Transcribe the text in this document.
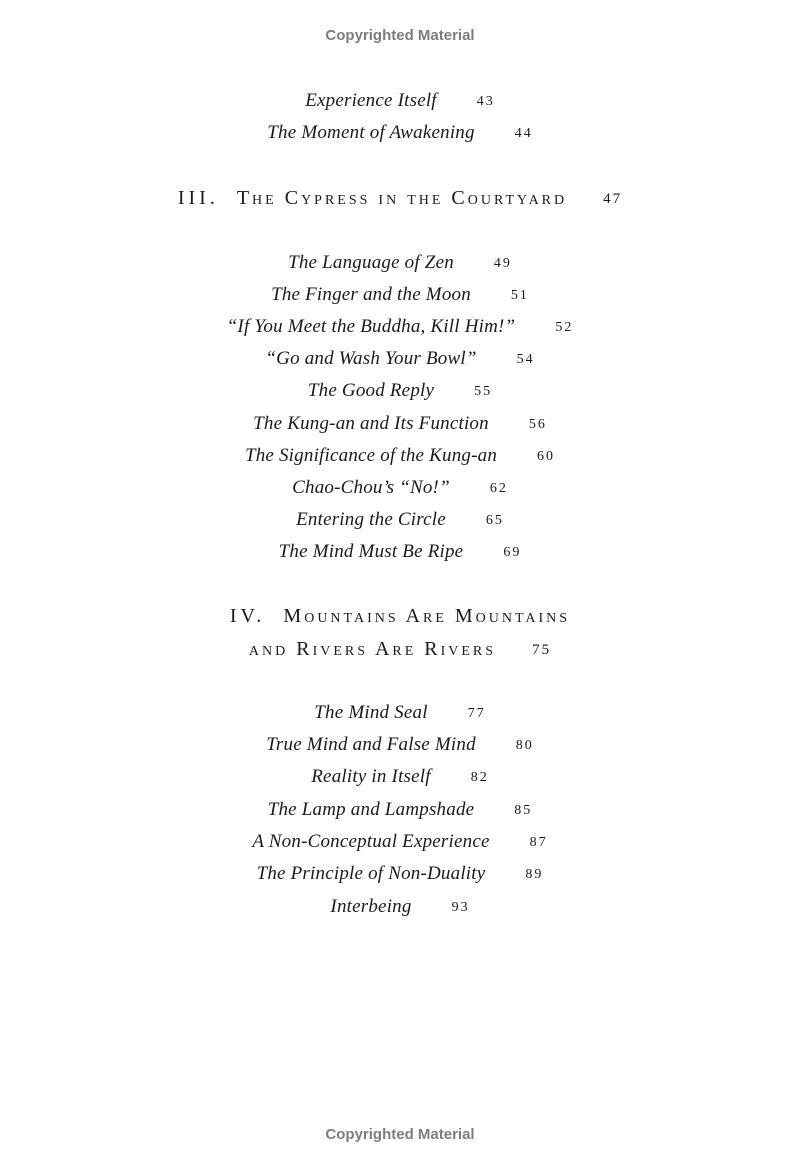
Copyrighted Material
Experience Itself	43
The Moment of Awakening	44
III. The Cypress in the Courtyard 47
The Language of Zen	49
The Finger and the Moon	51
“If You Meet the Buddha, Kill Him!”	52
“Go and Wash Your Bowl”	54
The Good Reply	55
The Kung-an and Its Function	56
The Significance of the Kung-an	60
Chao-Chou’s “No!”	62
Entering the Circle	65
The Mind Must Be Ripe	69
IV. Mountains Are Mountains
and Rivers Are Rivers 75
The Mind Seal	77
True Mind and False Mind	80
Reality in Itself	82
The Lamp and Lampshade	85
A Non-Conceptual Experience	87
The Principle of Non-Duality	89
Interbeing	93
Copyrighted Material
